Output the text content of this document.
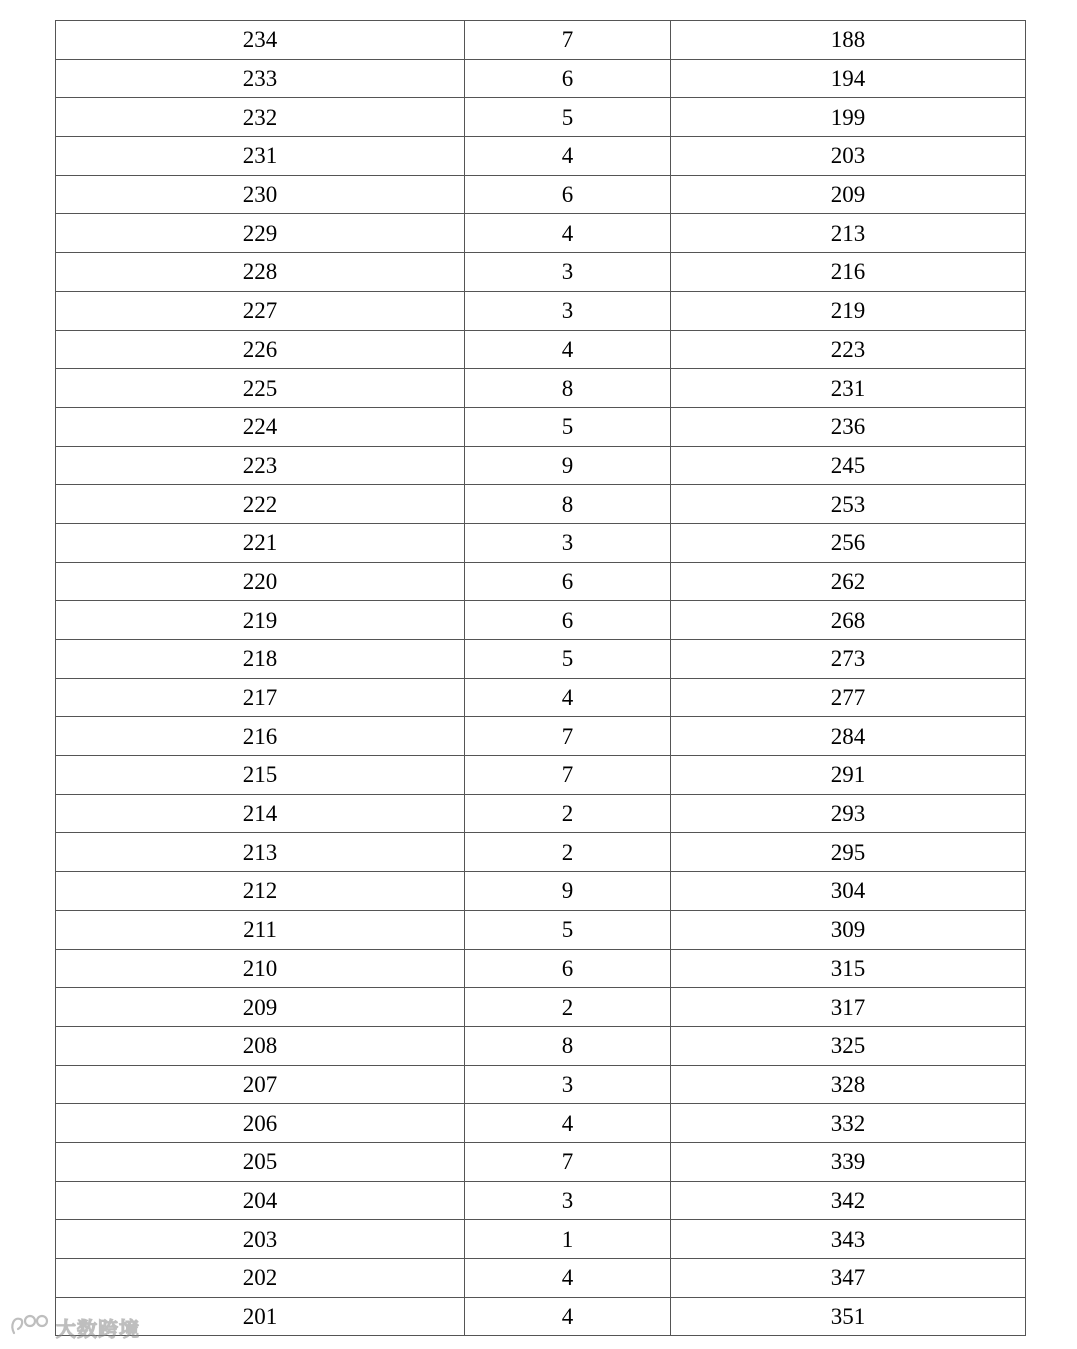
234	7	188
233	6	194
232	5	199
231	4	203
230	6	209
229	4	213
228	3	216
227	3	219
226	4	223
225	8	231
224	5	236
223	9	245
222	8	253
221	3	256
220	6	262
219	6	268
218	5	273
217	4	277
216	7	284
215	7	291
214	2	293
213	2	295
212	9	304
211	5	309
210	6	315
209	2	317
208	8	325
207	3	328
206	4	332
205	7	339
204	3	342
203	1	343
202	4	347
201	4	351
大数跨境
